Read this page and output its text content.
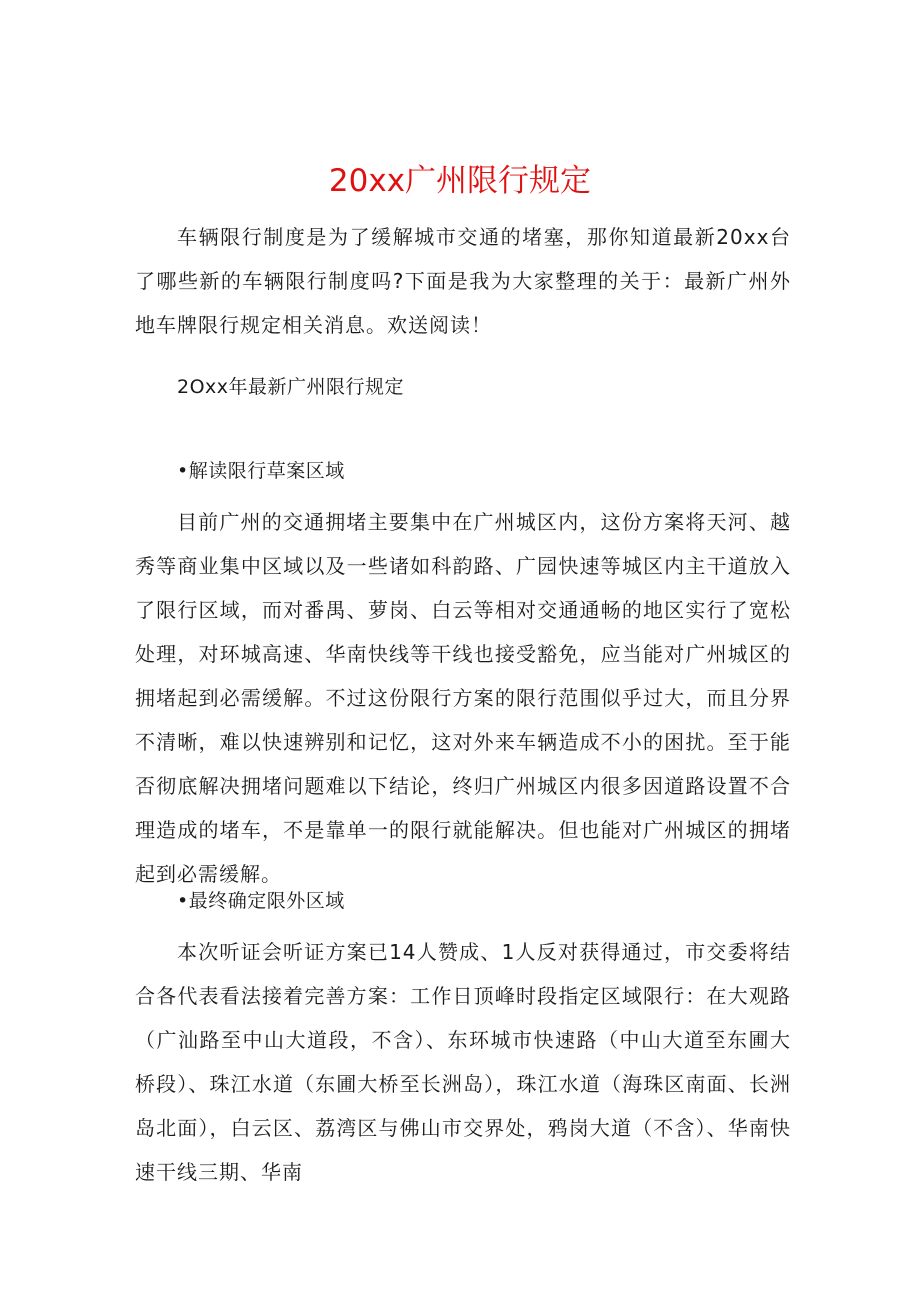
20xx广州限行规定

车辆限行制度是为了缓解城市交通的堵塞，那你知道最新20xx台了哪些新的车辆限行制度吗?下面是我为大家整理的关于：最新广州外地车牌限行规定相关消息。欢送阅读！

2Oxx年最新广州限行规定

•解读限行草案区域

目前广州的交通拥堵主要集中在广州城区内，这份方案将天河、越秀等商业集中区域以及一些诸如科韵路、广园快速等城区内主干道放入了限行区域，而对番禺、萝岗、白云等相对交通通畅的地区实行了宽松处理，对环城高速、华南快线等干线也接受豁免，应当能对广州城区的拥堵起到必需缓解。不过这份限行方案的限行范围似乎过大，而且分界不清晰，难以快速辨别和记忆，这对外来车辆造成不小的困扰。至于能否彻底解决拥堵问题难以下结论，终归广州城区内很多因道路设置不合理造成的堵车，不是靠单一的限行就能解决。但也能对广州城区的拥堵起到必需缓解。

•最终确定限外区域

本次听证会听证方案已14人赞成、1人反对获得通过，市交委将结合各代表看法接着完善方案：工作日顶峰时段指定区域限行：在大观路（广汕路至中山大道段，不含）、东环城市快速路（中山大道至东圃大桥段）、珠江水道（东圃大桥至长洲岛），珠江水道（海珠区南面、长洲岛北面），白云区、荔湾区与佛山市交界处，鸦岗大道（不含）、华南快速干线三期、华南
